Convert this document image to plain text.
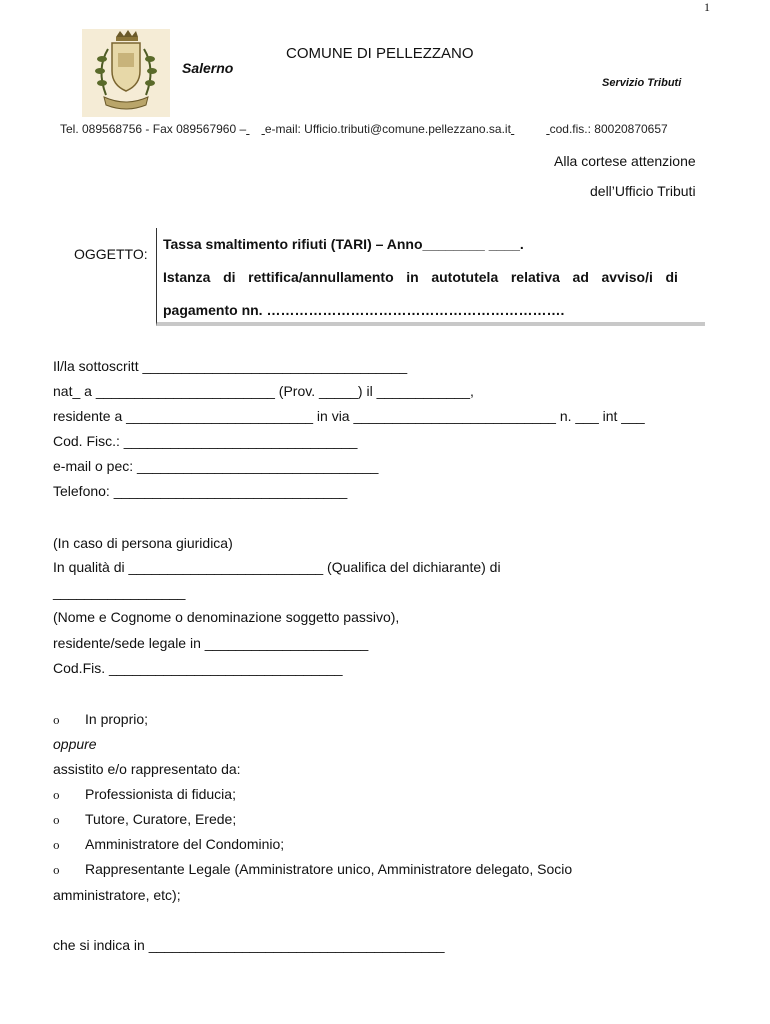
1
Salerno
COMUNE DI PELLEZZANO
Servizio Tributi
Tel. 089568756 - Fax 089567960 – e-mail: Ufficio.tributi@comune.pellezzano.sa.it	cod.fis.: 80020870657
Alla cortese attenzione
dell’Ufficio Tributi
OGGETTO:
Tassa smaltimento rifiuti (TARI) – Anno________ ____.
Istanza di rettifica/annullamento in autotutela relativa ad avviso/i di
pagamento nn. ……………………………………………………….
Il/la sottoscritt __________________________________
nat_ a _______________________ (Prov. _____) il ____________,
residente a ________________________ in via __________________________ n. ___ int ___
Cod. Fisc.: ______________________________
e-mail o pec: _______________________________
Telefono: ______________________________
(In caso di persona giuridica)
In qualità di _________________________ (Qualifica del dichiarante) di
_________________
(Nome e Cognome o denominazione soggetto passivo),
residente/sede legale in _____________________
Cod.Fis. ______________________________
o In proprio;
oppure
assistito e/o rappresentato da:
o Professionista di fiducia;
o Tutore, Curatore, Erede;
o Amministratore del Condominio;
o Rappresentante Legale (Amministratore unico, Amministratore delegato, Socio
amministratore, etc);
che si indica in ______________________________________
